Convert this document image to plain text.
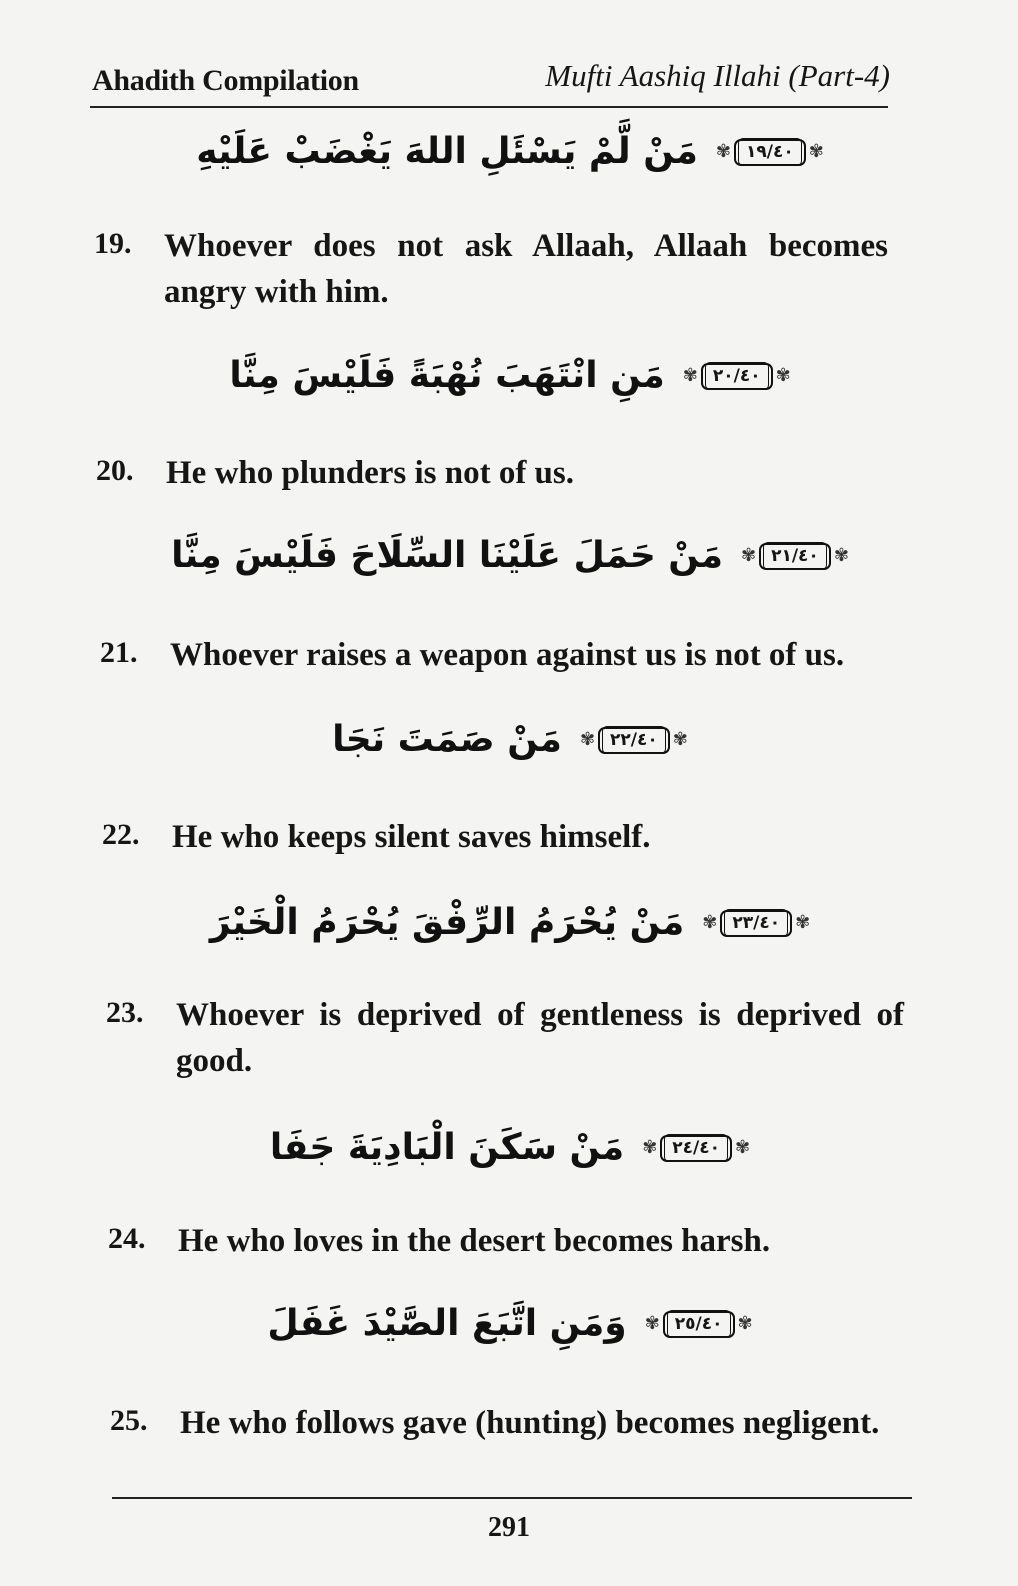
Ahadith Compilation	Mufti Aashiq Illahi (Part-4)
✾ ١٩/٤٠ ✾
مَنْ لَّمْ يَسْئَلِ اللهَ يَغْضَبْ عَلَيْهِ
19. Whoever does not ask Allaah, Allaah becomes angry with him.
✾ ٢٠/٤٠ ✾
مَنِ انْتَهَبَ نُهْبَةً فَلَيْسَ مِنَّا
20. He who plunders is not of us.
✾ ٢١/٤٠ ✾
مَنْ حَمَلَ عَلَيْنَا السِّلَاحَ فَلَيْسَ مِنَّا
21. Whoever raises a weapon against us is not of us.
✾ ٢٢/٤٠ ✾
مَنْ صَمَتَ نَجَا
22. He who keeps silent saves himself.
✾ ٢٣/٤٠ ✾
مَنْ يُحْرَمُ الرِّفْقَ يُحْرَمُ الْخَيْرَ
23. Whoever is deprived of gentleness is deprived of good.
✾ ٢٤/٤٠ ✾
مَنْ سَكَنَ الْبَادِيَةَ جَفَا
24. He who loves in the desert becomes harsh.
✾ ٢٥/٤٠ ✾
وَمَنِ اتَّبَعَ الصَّيْدَ غَفَلَ
25. He who follows gave (hunting) becomes negligent.
291
